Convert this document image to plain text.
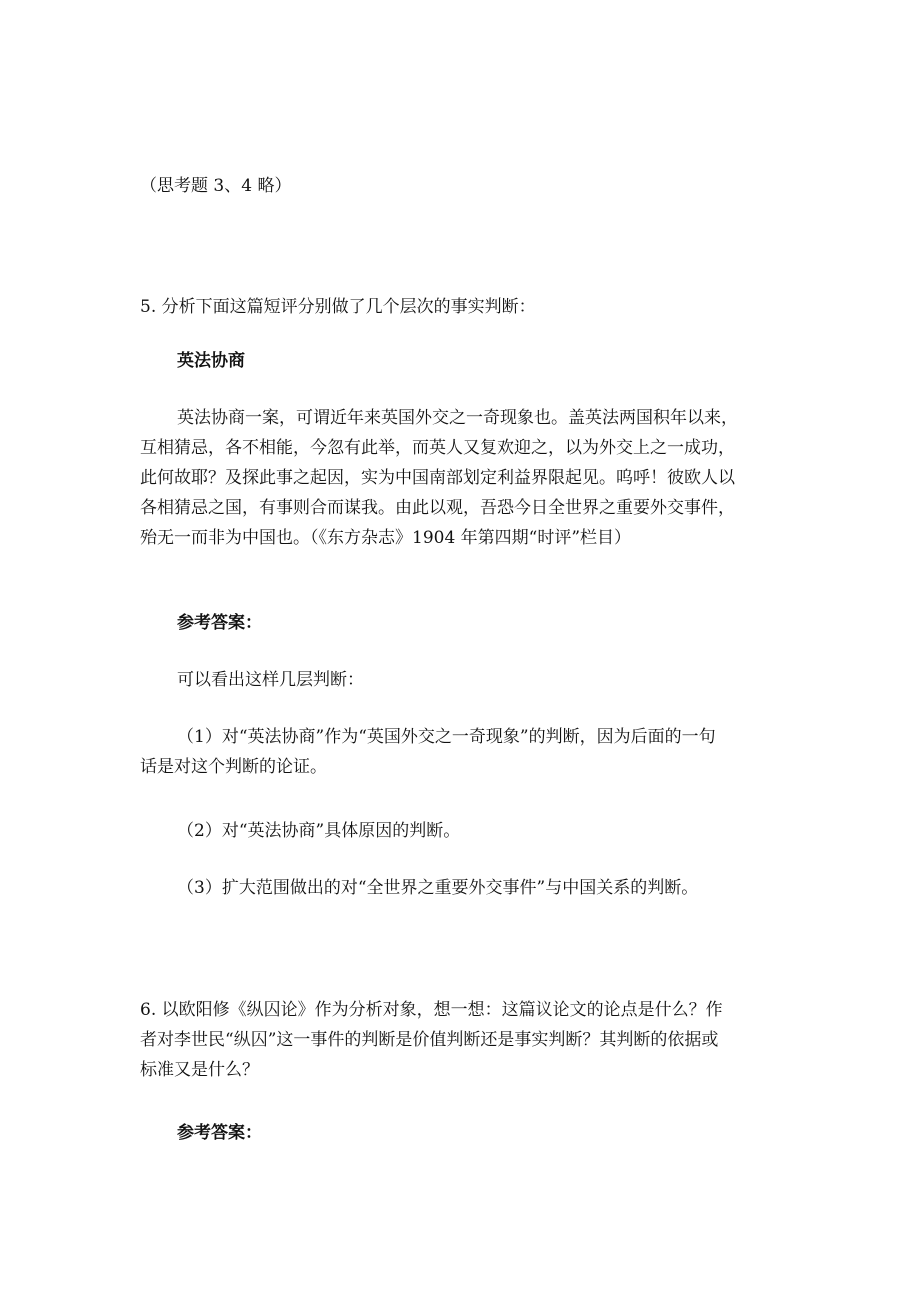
（思考题 3、4 略）

5. 分析下面这篇短评分别做了几个层次的事实判断：

英法协商

英法协商一案，可谓近年来英国外交之一奇现象也。盖英法两国积年以来，
互相猜忌，各不相能，今忽有此举，而英人又复欢迎之，以为外交上之一成功，
此何故耶？及探此事之起因，实为中国南部划定利益界限起见。呜呼！彼欧人以
各相猜忌之国，有事则合而谋我。由此以观，吾恐今日全世界之重要外交事件，
殆无一而非为中国也。（《东方杂志》1904 年第四期“时评”栏目）

参考答案：

可以看出这样几层判断：

（1）对“英法协商”作为“英国外交之一奇现象”的判断，因为后面的一句
话是对这个判断的论证。

（2）对“英法协商”具体原因的判断。

（3）扩大范围做出的对“全世界之重要外交事件”与中国关系的判断。

6. 以欧阳修《纵囚论》作为分析对象，想一想：这篇议论文的论点是什么？作
者对李世民“纵囚”这一事件的判断是价值判断还是事实判断？其判断的依据或
标准又是什么？

参考答案：
